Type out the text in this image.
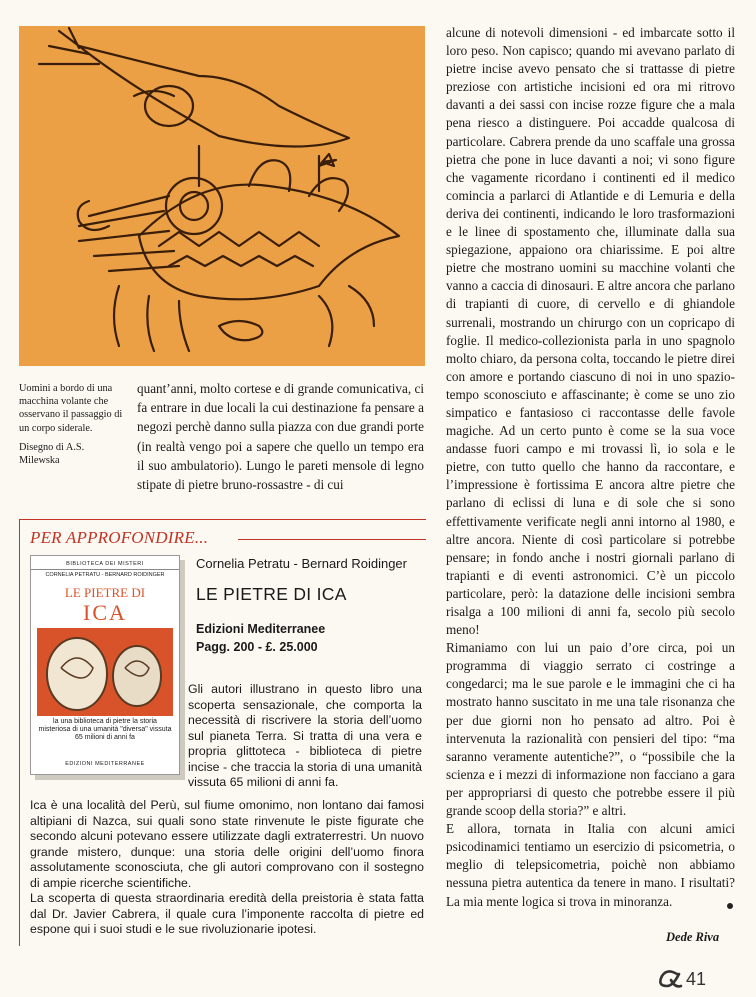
Uomini a bordo di una macchina volante che osservano il passaggio di un corpo siderale.

Disegno di A.S. Milewska

quant’anni, molto cortese e di grande comunicativa, ci fa entrare in due locali la cui destinazione fa pensare a negozi perchè danno sulla piazza con due grandi porte (in realtà vengo poi a sapere che quello un tempo era il suo ambulatorio). Lungo le pareti mensole di legno stipate di pietre bruno-rossastre - di cui

alcune di notevoli dimensioni - ed imbarcate sotto il loro peso. Non capisco; quando mi avevano parlato di pietre incise avevo pensato che si trattasse di pietre preziose con artistiche incisioni ed ora mi ritrovo davanti a dei sassi con incise rozze figure che a mala pena riesco a distinguere. Poi accadde qualcosa di particolare. Cabrera prende da uno scaffale una grossa pietra che pone in luce davanti a noi; vi sono figure che vagamente ricordano i continenti ed il medico comincia a parlarci di Atlantide e di Lemuria e della deriva dei continenti, indicando le loro trasformazioni e le linee di spostamento che, illuminate dalla sua spiegazione, appaiono ora chiarissime. E poi altre pietre che mostrano uomini su macchine volanti che vanno a caccia di dinosauri. E altre ancora che parlano di trapianti di cuore, di cervello e di ghiandole surrenali, mostrando un chirurgo con un copricapo di foglie. Il medico-collezionista parla in uno spagnolo molto chiaro, da persona colta, toccando le pietre direi con amore e portando ciascuno di noi in uno spazio-tempo sconosciuto e affascinante; è come se uno zio simpatico e fantasioso ci raccontasse delle favole magiche. Ad un certo punto è come se la sua voce andasse fuori campo e mi trovassi lì, io sola e le pietre, con tutto quello che hanno da raccontare, e l’impressione è fortissima E ancora altre pietre che parlano di eclissi di luna e di sole che si sono effettivamente verificate negli anni intorno al 1980, e altre ancora. Niente di così particolare si potrebbe pensare; in fondo anche i nostri giornali parlano di trapianti e di eventi astronomici. C’è un piccolo particolare, però: la datazione delle incisioni sembra risalga a 100 milioni di anni fa, secolo più secolo meno!

Rimaniamo con lui un paio d’ore circa, poi un programma di viaggio serrato ci costringe a congedarci; ma le sue parole e le immagini che ci ha mostrato hanno suscitato in me una tale risonanza che per due giorni non ho pensato ad altro. Poi è intervenuta la razionalità con pensieri del tipo: “ma saranno veramente autentiche?”, o “possibile che la scienza e i mezzi di informazione non facciano a gara per appropriarsi di questo che potrebbe essere il più grande scoop della storia?” e altri.

E allora, tornata in Italia con alcuni amici psicodinamici tentiamo un esercizio di psicometria, o meglio di telepsicometria, poichè non abbiamo nessuna pietra autentica da tenere in mano. I risultati? La mia mente logica si trova in minoranza.

PER APPROFONDIRE...
BIBLIOTECA DEI MISTERI
CORNELIA PETRATU - BERNARD ROIDINGER
LE PIETRE DI
ICA
la una biblioteca di pietre la storia misteriosa di una umanità "diversa" vissuta 65 milioni di anni fa
EDIZIONI MEDITERRANEE
Cornelia Petratu - Bernard Roidinger
LE PIETRE DI ICA
Edizioni Mediterranee
Pagg. 200 - £. 25.000
Gli autori illustrano in questo libro una scoperta sensazionale, che comporta la necessità di riscrivere la storia dell’uomo sul pianeta Terra. Si tratta di una vera e propria glittoteca - biblioteca di pietre incise - che traccia la storia di una umanità vissuta 65 milioni di anni fa.

Ica è una località del Perù, sul fiume omonimo, non lontano dai famosi altipiani di Nazca, sui quali sono state rinvenute le piste figurate che secondo alcuni potevano essere utilizzate dagli extraterrestri. Un nuovo grande mistero, dunque: una storia delle origini dell’uomo finora assolutamente sconosciuta, che gli autori comprovano con il sostegno di ampie ricerche scientifiche.

La scoperta di questa straordinaria eredità della preistoria è stata fatta dal Dr. Javier Cabrera, il quale cura l’imponente raccolta di pietre ed espone qui i suoi studi e le sue rivoluzionarie ipotesi.

Dede Riva
41
